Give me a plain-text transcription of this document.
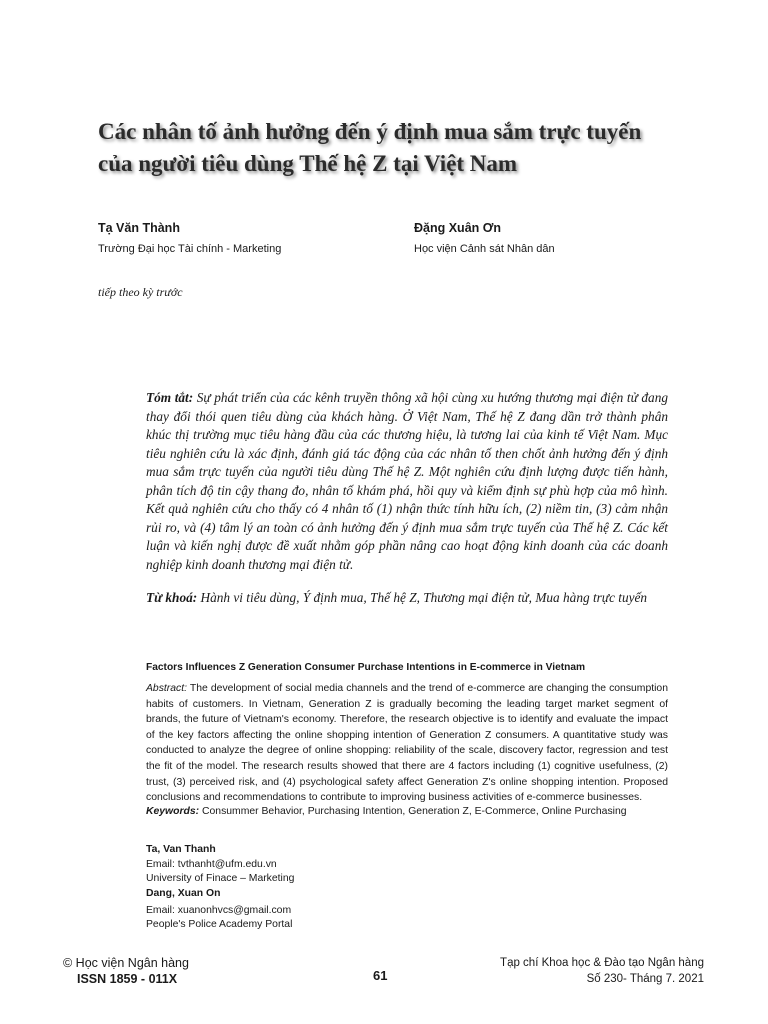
Các nhân tố ảnh hưởng đến ý định mua sắm trực tuyến
của người tiêu dùng Thế hệ Z tại Việt Nam
Tạ Văn Thành
Trường Đại học Tài chính - Marketing
Đặng Xuân Ơn
Học viện Cảnh sát Nhân dân
tiếp theo kỳ trước

Tóm tắt: Sự phát triển của các kênh truyền thông xã hội cùng xu hướng thương mại điện tử đang thay đổi thói quen tiêu dùng của khách hàng. Ở Việt Nam, Thế hệ Z đang dần trở thành phân khúc thị trường mục tiêu hàng đầu của các thương hiệu, là tương lai của kinh tế Việt Nam. Mục tiêu nghiên cứu là xác định, đánh giá tác động của các nhân tố then chốt ảnh hưởng đến ý định mua sắm trực tuyến của người tiêu dùng Thế hệ Z. Một nghiên cứu định lượng được tiến hành, phân tích độ tin cậy thang đo, nhân tố khám phá, hồi quy và kiểm định sự phù hợp của mô hình. Kết quả nghiên cứu cho thấy có 4 nhân tố (1) nhận thức tính hữu ích, (2) niềm tin, (3) cảm nhận rủi ro, và (4) tâm lý an toàn có ảnh hưởng đến ý định mua sắm trực tuyến của Thế hệ Z. Các kết luận và kiến nghị được đề xuất nhằm góp phần nâng cao hoạt động kinh doanh của các doanh nghiệp kinh doanh thương mại điện tử.

Từ khoá: Hành vi tiêu dùng, Ý định mua, Thế hệ Z, Thương mại điện tử, Mua hàng trực tuyến

Factors Influences Z Generation Consumer Purchase Intentions in E-commerce in Vietnam

Abstract: The development of social media channels and the trend of e-commerce are changing the consumption habits of customers. In Vietnam, Generation Z is gradually becoming the leading target market segment of brands, the future of Vietnam's economy. Therefore, the research objective is to identify and evaluate the impact of the key factors affecting the online shopping intention of Generation Z consumers. A quantitative study was conducted to analyze the degree of online shopping: reliability of the scale, discovery factor, regression and test the fit of the model. The research results showed that there are 4 factors including (1) cognitive usefulness, (2) trust, (3) perceived risk, and (4) psychological safety affect Generation Z's online shopping intention. Proposed conclusions and recommendations to contribute to improving business activities of e-commerce businesses.

Keywords: Consummer Behavior, Purchasing Intention, Generation Z, E-Commerce, Online Purchasing

Ta, Van Thanh
Email: tvthanht@ufm.edu.vn
University of Finace – Marketing
Dang, Xuan On
Email: xuanonhvcs@gmail.com
People's Police Academy Portal
© Học viện Ngân hàng
ISSN 1859 - 011X	61
Tạp chí Khoa học & Đào tạo Ngân hàng
Số 230- Tháng 7. 2021
